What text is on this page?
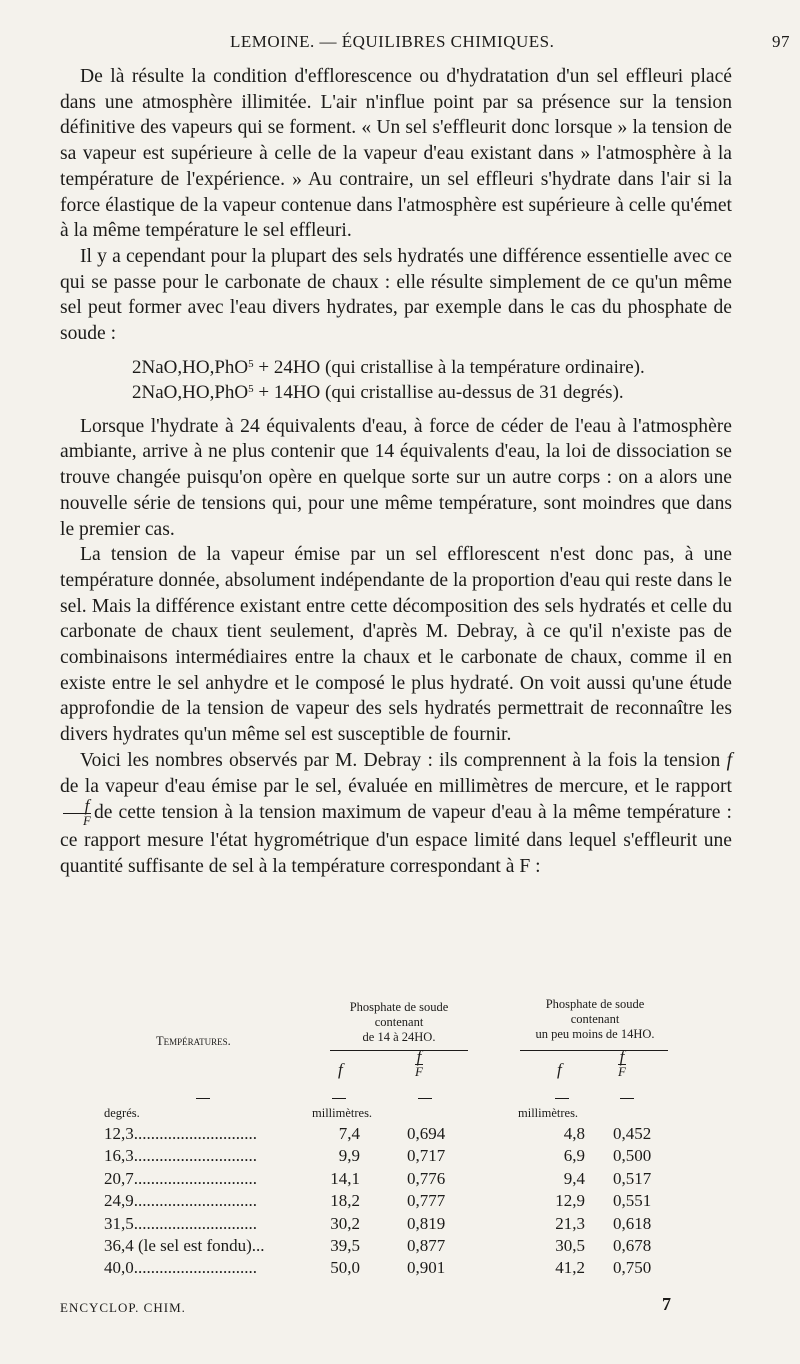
LEMOINE. — ÉQUILIBRES CHIMIQUES.	97

De là résulte la condition d'efflorescence ou d'hydratation d'un sel effleuri placé dans une atmosphère illimitée. L'air n'influe point par sa présence sur la tension définitive des vapeurs qui se forment. « Un sel s'effleurit donc lorsque » la tension de sa vapeur est supérieure à celle de la vapeur d'eau existant dans » l'atmosphère à la température de l'expérience. » Au contraire, un sel effleuri s'hydrate dans l'air si la force élastique de la vapeur contenue dans l'atmosphère est supérieure à celle qu'émet à la même température le sel effleuri.

Il y a cependant pour la plupart des sels hydratés une différence essentielle avec ce qui se passe pour le carbonate de chaux : elle résulte simplement de ce qu'un même sel peut former avec l'eau divers hydrates, par exemple dans le cas du phosphate de soude :

2NaO,HO,PhO$^5$ + 24HO (qui cristallise à la température ordinaire).
2NaO,HO,PhO$^5$ + 14HO (qui cristallise au-dessus de 31 degrés).

Lorsque l'hydrate à 24 équivalents d'eau, à force de céder de l'eau à l'atmosphère ambiante, arrive à ne plus contenir que 14 équivalents d'eau, la loi de dissociation se trouve changée puisqu'on opère en quelque sorte sur un autre corps : on a alors une nouvelle série de tensions qui, pour une même température, sont moindres que dans le premier cas.

La tension de la vapeur émise par un sel efflorescent n'est donc pas, à une température donnée, absolument indépendante de la proportion d'eau qui reste dans le sel. Mais la différence existant entre cette décomposition des sels hydratés et celle du carbonate de chaux tient seulement, d'après M. Debray, à ce qu'il n'existe pas de combinaisons intermédiaires entre la chaux et le carbonate de chaux, comme il en existe entre le sel anhydre et le composé le plus hydraté. On voit aussi qu'une étude approfondie de la tension de vapeur des sels hydratés permettrait de reconnaître les divers hydrates qu'un même sel est susceptible de fournir.

Voici les nombres observés par M. Debray : ils comprennent à la fois la tension f de la vapeur d'eau émise par le sel, évaluée en millimètres de mercure, et le rapport
$\frac{f}{F}$ de cette tension à la tension maximum de vapeur d'eau à la même température : ce rapport mesure l'état hygrométrique d'un espace limité dans lequel s'effleurit une quantité suffisante de sel à la température correspondant à F :

Phosphate de soude
contenant
de 14 à 24HO.
Phosphate de soude
contenant
un peu moins de 14HO.
Températures.
f	$\frac{f}{F}$	f	$\frac{f}{F}$
degrés.	millimètres.	millimètres.
12,3.............................	7,4	0,694	4,8 0,452
16,3.............................	9,9	0,717	6,9 0,500
20,7.............................	14,1	0,776	9,4 0,517
24,9.............................	18,2	0,777	12,9 0,551
31,5.............................	30,2	0,819	21,3 0,618
36,4 (le sel est fondu)...	39,5	0,877	30,5 0,678
40,0.............................	50,0	0,901	41,2 0,750
ENCYCLOP. CHIM.	7
